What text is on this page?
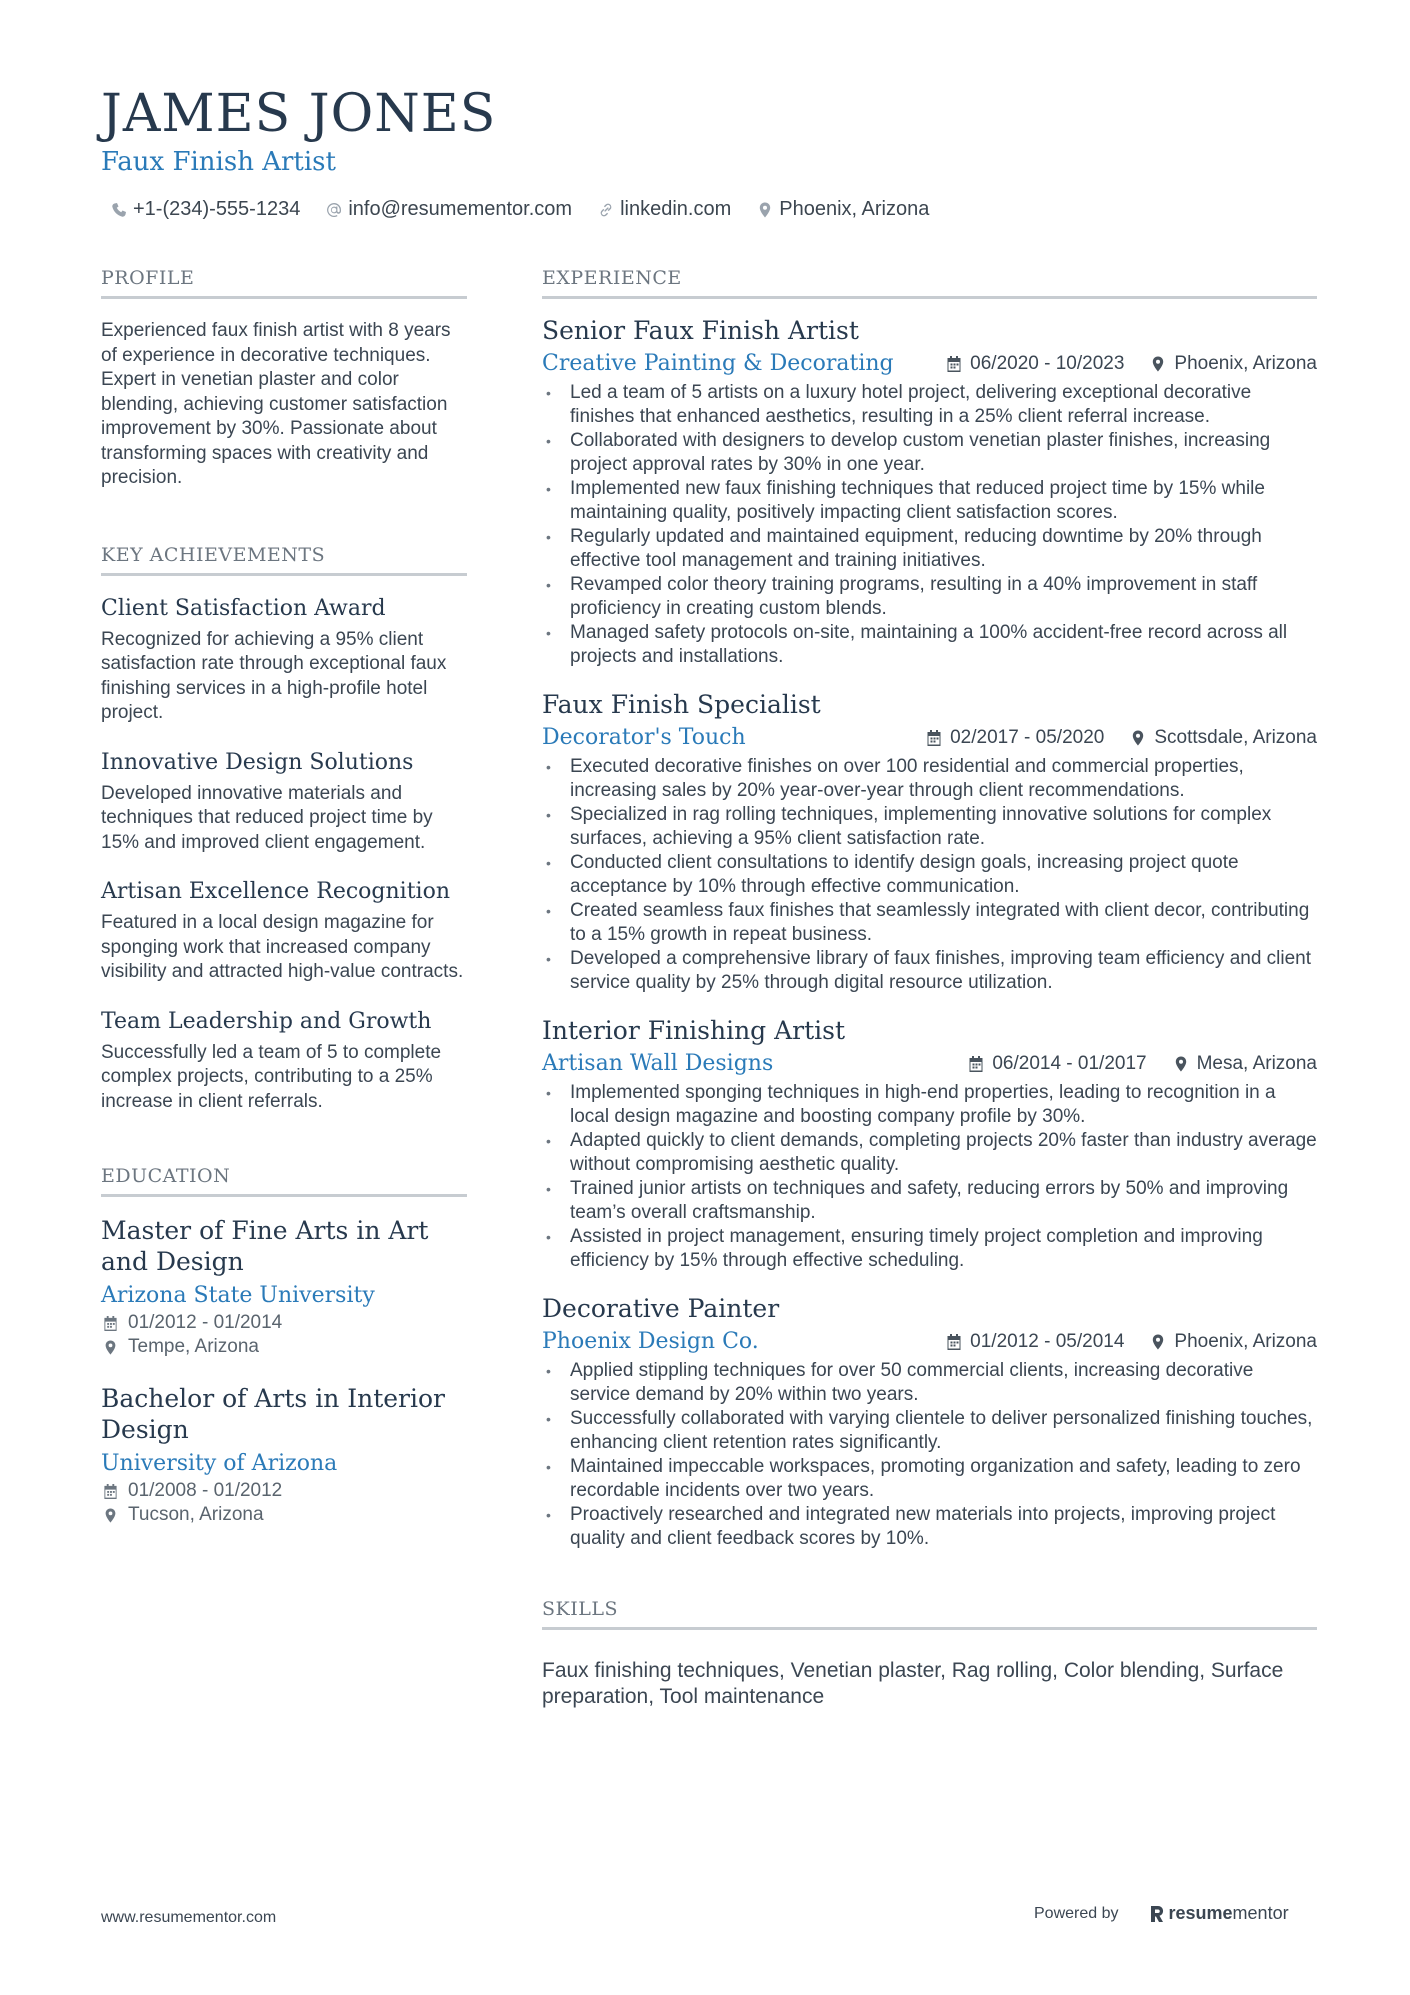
JAMES JONES
Faux Finish Artist
+1-(234)-555-1234 info@resumementor.com linkedin.com Phoenix, Arizona
PROFILE
Experienced faux finish artist with 8 years of experience in decorative techniques. Expert in venetian plaster and color blending, achieving customer satisfaction improvement by 30%. Passionate about transforming spaces with creativity and precision.
KEY ACHIEVEMENTS
Client Satisfaction Award
Recognized for achieving a 95% client satisfaction rate through exceptional faux finishing services in a high-profile hotel project.
Innovative Design Solutions
Developed innovative materials and techniques that reduced project time by 15% and improved client engagement.
Artisan Excellence Recognition
Featured in a local design magazine for sponging work that increased company visibility and attracted high-value contracts.
Team Leadership and Growth
Successfully led a team of 5 to complete complex projects, contributing to a 25% increase in client referrals.
EDUCATION
Master of Fine Arts in Art and Design
Arizona State University
01/2012 - 01/2014
Tempe, Arizona
Bachelor of Arts in Interior Design
University of Arizona
01/2008 - 01/2012
Tucson, Arizona
EXPERIENCE
Senior Faux Finish Artist
Creative Painting & Decorating	06/2020 - 10/2023	Phoenix, Arizona
• Led a team of 5 artists on a luxury hotel project, delivering exceptional decorative finishes that enhanced aesthetics, resulting in a 25% client referral increase.
• Collaborated with designers to develop custom venetian plaster finishes, increasing project approval rates by 30% in one year.
• Implemented new faux finishing techniques that reduced project time by 15% while maintaining quality, positively impacting client satisfaction scores.
• Regularly updated and maintained equipment, reducing downtime by 20% through effective tool management and training initiatives.
• Revamped color theory training programs, resulting in a 40% improvement in staff proficiency in creating custom blends.
• Managed safety protocols on-site, maintaining a 100% accident-free record across all projects and installations.
Faux Finish Specialist
Decorator's Touch	02/2017 - 05/2020	Scottsdale, Arizona
• Executed decorative finishes on over 100 residential and commercial properties, increasing sales by 20% year-over-year through client recommendations.
• Specialized in rag rolling techniques, implementing innovative solutions for complex surfaces, achieving a 95% client satisfaction rate.
• Conducted client consultations to identify design goals, increasing project quote acceptance by 10% through effective communication.
• Created seamless faux finishes that seamlessly integrated with client decor, contributing to a 15% growth in repeat business.
• Developed a comprehensive library of faux finishes, improving team efficiency and client service quality by 25% through digital resource utilization.
Interior Finishing Artist
Artisan Wall Designs	06/2014 - 01/2017	Mesa, Arizona
• Implemented sponging techniques in high-end properties, leading to recognition in a local design magazine and boosting company profile by 30%.
• Adapted quickly to client demands, completing projects 20% faster than industry average without compromising aesthetic quality.
• Trained junior artists on techniques and safety, reducing errors by 50% and improving team’s overall craftsmanship.
• Assisted in project management, ensuring timely project completion and improving efficiency by 15% through effective scheduling.
Decorative Painter
Phoenix Design Co.	01/2012 - 05/2014	Phoenix, Arizona
• Applied stippling techniques for over 50 commercial clients, increasing decorative service demand by 20% within two years.
• Successfully collaborated with varying clientele to deliver personalized finishing touches, enhancing client retention rates significantly.
• Maintained impeccable workspaces, promoting organization and safety, leading to zero recordable incidents over two years.
• Proactively researched and integrated new materials into projects, improving project quality and client feedback scores by 10%.
SKILLS
Faux finishing techniques, Venetian plaster, Rag rolling, Color blending, Surface preparation, Tool maintenance
www.resumementor.com	Powered by	resume mentor
